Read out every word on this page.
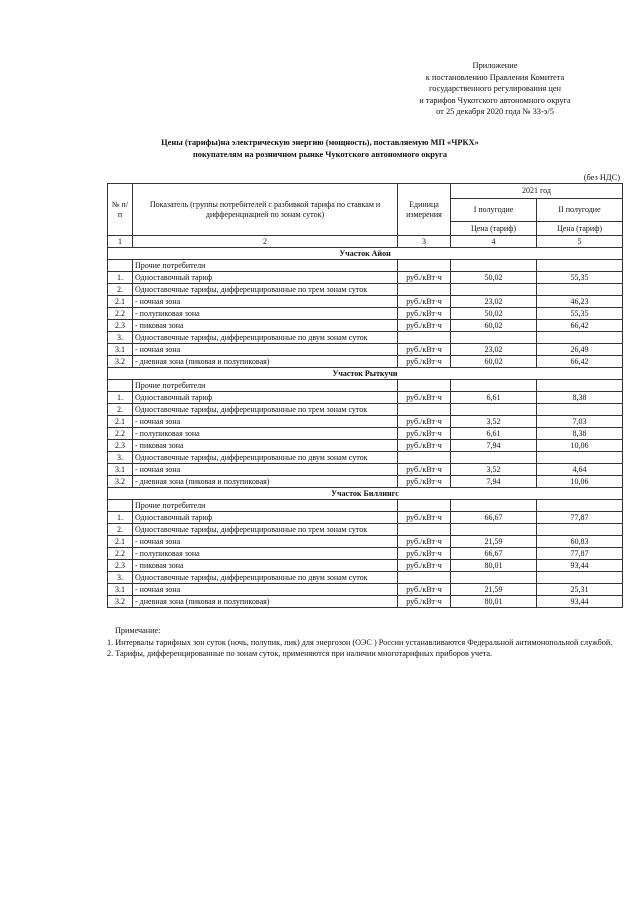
Приложение
к постановлению Правления Комитета
государственного регулирования цен
и тарифов Чукотского автономного округа
от 25 декабря 2020 года № 33-э/5
Цены (тарифы)на электрическую энергию (мощность), поставляемую МП «ЧРКХ»
покупателям на розничном рынке Чукотского автономного округа
(без НДС)
№ п/п	Показатель (группы потребителей с разбивкой тарифа по ставкам и дифференциацией по зонам суток)	Единица измерения	2021 год	
			I полугодие	II полугодие
			Цена (тариф)	Цена (тариф)
1	2	3	4	5
Участок Айон				
	Прочие потребители			
1.	Одноставочный тариф	руб./кВт·ч	50,02	55,35
2.	Одноставочные тарифы, дифференцированные по трем зонам суток			
2.1	- ночная зона	руб./кВт·ч	23,02	46,23
2.2	- полупиковая зона	руб./кВт·ч	50,02	55,35
2.3	- пиковая зона	руб./кВт·ч	60,02	66,42
3.	Одноставочные тарифы, дифференцированные по двум зонам суток			
3.1	- ночная зона	руб./кВт·ч	23,02	26,49
3.2	- дневная зона (пиковая и полупиковая)	руб./кВт·ч	60,02	66,42
Участок Рыткучи				
	Прочие потребители			
1.	Одноставочный тариф	руб./кВт·ч	6,61	8,38
2.	Одноставочные тарифы, дифференцированные по трем зонам суток			
2.1	- ночная зона	руб./кВт·ч	3,52	7,03
2.2	- полупиковая зона	руб./кВт·ч	6,61	8,38
2.3	- пиковая зона	руб./кВт·ч	7,94	10,06
3.	Одноставочные тарифы, дифференцированные по двум зонам суток			
3.1	- ночная зона	руб./кВт·ч	3,52	4,64
3.2	- дневная зона (пиковая и полупиковая)	руб./кВт·ч	7,94	10,06
Участок Биллингс				
	Прочие потребители			
1.	Одноставочный тариф	руб./кВт·ч	66,67	77,87
2.	Одноставочные тарифы, дифференцированные по трем зонам суток			
2.1	- ночная зона	руб./кВт·ч	21,59	60,83
2.2	- полупиковая зона	руб./кВт·ч	66,67	77,87
2.3	- пиковая зона	руб./кВт·ч	80,01	93,44
3.	Одноставочные тарифы, дифференцированные по двум зонам суток			
3.1	- ночная зона	руб./кВт·ч	21,59	25,31
3.2	- дневная зона (пиковая и полупиковая)	руб./кВт·ч	80,01	93,44

Примечание:

1. Интервалы тарифных зон суток (ночь, полупик, пик) для энергозон (ОЭС ) России устанавливаются Федеральной антимонопольной службой.

2. Тарифы, дифференцированные по зонам суток, применяются при наличии многотарифных приборов учета.
